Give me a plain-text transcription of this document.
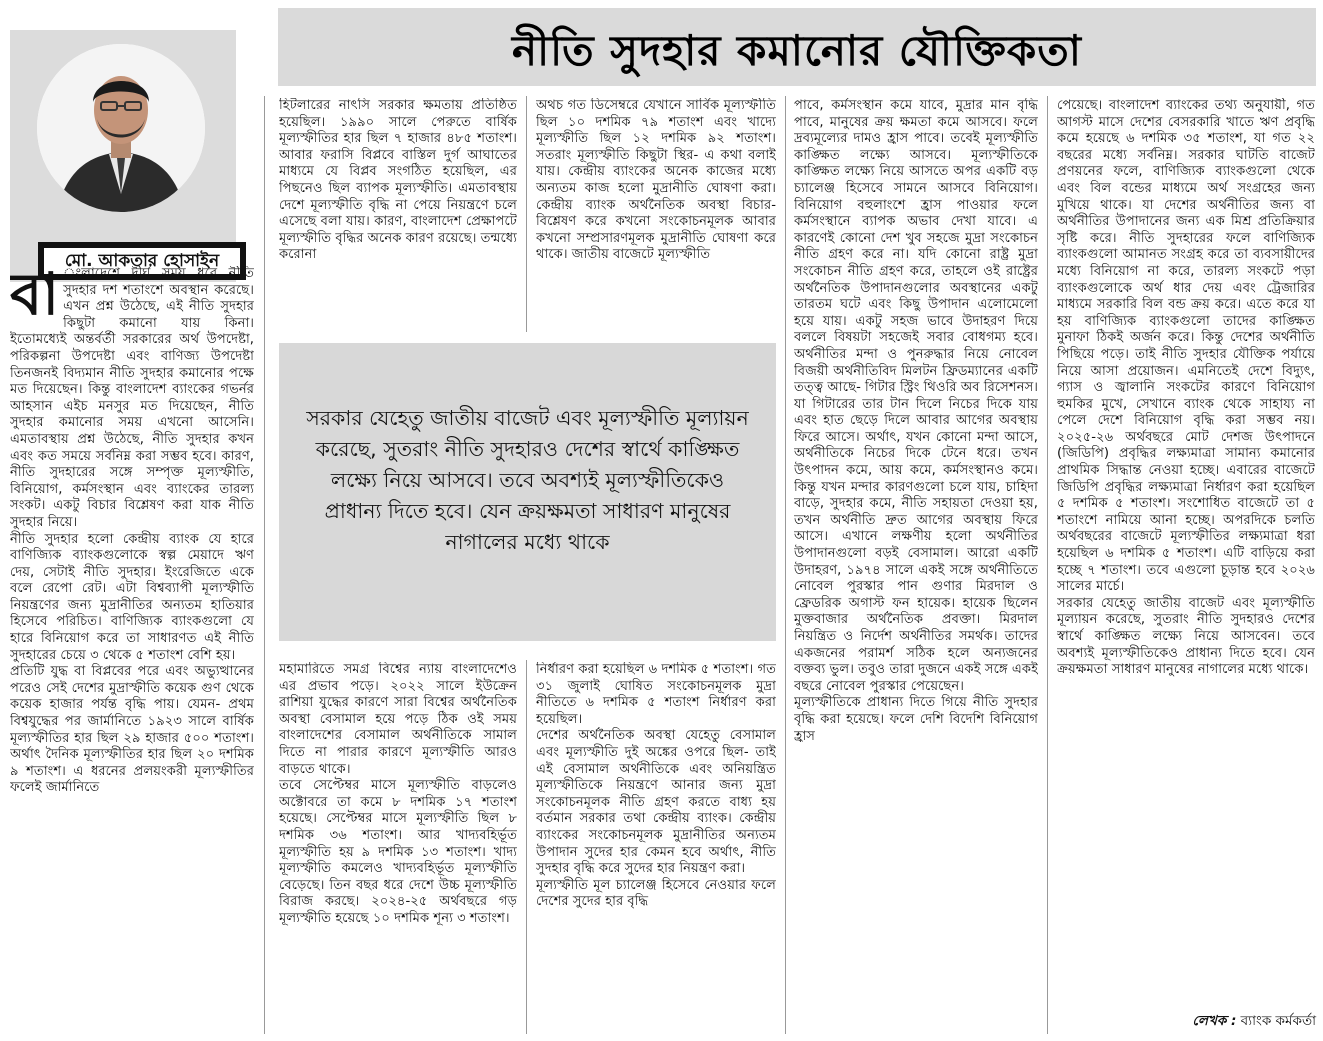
নীতি সুদহার কমানোর যৌক্তিকতা
মো. আকতার হোসাইন

বা ংলাদেশে দীর্ঘ সময় ধরে নীতি সুদহার দশ শতাংশে অবস্থান করেছে। এখন প্রশ্ন উঠেছে, এই নীতি সুদহার কিছুটা কমানো যায় কিনা। ইতোমধ্যেই অন্তর্বর্তী সরকারের অর্থ উপদেষ্টা, পরিকল্পনা উপদেষ্টা এবং বাণিজ্য উপদেষ্টা তিনজনই বিদ্যমান নীতি সুদহার কমানোর পক্ষে মত দিয়েছেন। কিন্তু বাংলাদেশ ব্যাংকের গভর্নর আহসান এইচ মনসুর মত দিয়েছেন, নীতি সুদহার কমানোর সময় এখনো আসেনি। এমতাবস্থায় প্রশ্ন উঠেছে, নীতি সুদহার কখন এবং কত সময়ে সর্বনিম্ন করা সম্ভব হবে। কারণ, নীতি সুদহারের সঙ্গে সম্পৃক্ত মূল্যস্ফীতি, বিনিয়োগ, কর্মসংস্থান এবং ব্যাংকের তারল্য সংকট। একটু বিচার বিশ্লেষণ করা যাক নীতি সুদহার নিয়ে।

নীতি সুদহার হলো কেন্দ্রীয় ব্যাংক যে হারে বাণিজ্যিক ব্যাংকগুলোকে স্বল্প মেয়াদে ঋণ দেয়, সেটাই নীতি সুদহার। ইংরেজিতে একে বলে রেপো রেট। এটা বিশ্বব্যাপী মূল্যস্ফীতি নিয়ন্ত্রণের জন্য মুদ্রানীতির অন্যতম হাতিয়ার হিসেবে পরিচিত। বাণিজ্যিক ব্যাংকগুলো যে হারে বিনিয়োগ করে তা সাধারণত এই নীতি সুদহারের চেয়ে ৩ থেকে ৫ শতাংশ বেশি হয়।

প্রতিটি যুদ্ধ বা বিপ্লবের পরে এবং অভ্যুত্থানের পরেও সেই দেশের মুদ্রাস্ফীতি কয়েক গুণ থেকে কয়েক হাজার পর্যন্ত বৃদ্ধি পায়। যেমন- প্রথম বিশ্বযুদ্ধের পর জার্মানিতে ১৯২৩ সালে বার্ষিক মূল্যস্ফীতির হার ছিল ২৯ হাজার ৫০০ শতাংশ। অর্থাৎ দৈনিক মূল্যস্ফীতির হার ছিল ২০ দশমিক ৯ শতাংশ। এ ধরনের প্রলয়ংকরী মূল্যস্ফীতির ফলেই জার্মানিতে

হিটলারের নাৎসি সরকার ক্ষমতায় প্রতিষ্ঠিত হয়েছিল। ১৯৯০ সালে পেরুতে বার্ষিক মূল্যস্ফীতির হার ছিল ৭ হাজার ৪৮৫ শতাংশ। আবার ফরাসি বিপ্লবে বাস্তিল দুর্গ আঘাতের মাধ্যমে যে বিপ্লব সংগঠিত হয়েছিল, এর পিছনেও ছিল ব্যাপক মূল্যস্ফীতি। এমতাবস্থায় দেশে মূল্যস্ফীতি বৃদ্ধি না পেয়ে নিয়ন্ত্রণে চলে এসেছে বলা যায়। কারণ, বাংলাদেশ প্রেক্ষাপটে মূল্যস্ফীতি বৃদ্ধির অনেক কারণ রয়েছে। তন্মধ্যে করোনা

অথচ গত ডিসেম্বরে যেখানে সার্বিক মূল্যস্ফীতি ছিল ১০ দশমিক ৭৯ শতাংশ এবং খাদ্যে মূল্যস্ফীতি ছিল ১২ দশমিক ৯২ শতাংশ। সতরাং মূল্যস্ফীতি কিছুটা স্থির- এ কথা বলাই যায়। কেন্দ্রীয় ব্যাংকের অনেক কাজের মধ্যে অন্যতম কাজ হলো মুদ্রানীতি ঘোষণা করা। কেন্দ্রীয় ব্যাংক অর্থনৈতিক অবস্থা বিচার-বিশ্লেষণ করে কখনো সংকোচনমূলক আবার কখনো সম্প্রসারণমূলক মুদ্রানীতি ঘোষণা করে থাকে। জাতীয় বাজেটে মূল্যস্ফীতি

সরকার যেহেতু জাতীয় বাজেট এবং মূল্যস্ফীতি মূল্যায়ন করেছে, সুতরাং নীতি সুদহারও দেশের স্বার্থে কাঙ্ক্ষিত লক্ষ্যে নিয়ে আসবে। তবে অবশ্যই মূল্যস্ফীতিকেও প্রাধান্য দিতে হবে। যেন ক্রয়ক্ষমতা সাধারণ মানুষের নাগালের মধ্যে থাকে

মহামারিতে সমগ্র বিশ্বের ন্যায় বাংলাদেশেও এর প্রভাব পড়ে। ২০২২ সালে ইউক্রেন রাশিয়া যুদ্ধের কারণে সারা বিশ্বের অর্থনৈতিক অবস্থা বেসামাল হয়ে পড়ে ঠিক ওই সময় বাংলাদেশের বেসামাল অর্থনীতিকে সামাল দিতে না পারার কারণে মূল্যস্ফীতি আরও বাড়তে থাকে।

তবে সেপ্টেম্বর মাসে মূল্যস্ফীতি বাড়লেও অক্টোবরে তা কমে ৮ দশমিক ১৭ শতাংশ হয়েছে। সেপ্টেম্বর মাসে মূল্যস্ফীতি ছিল ৮ দশমিক ৩৬ শতাংশ। আর খাদ্যবহির্ভূত মূল্যস্ফীতি হয় ৯ দশমিক ১৩ শতাংশ। খাদ্য মূল্যস্ফীতি কমলেও খাদ্যবহির্ভূত মূল্যস্ফীতি বেড়েছে। তিন বছর ধরে দেশে উচ্চ মূল্যস্ফীতি বিরাজ করছে। ২০২৪-২৫ অর্থবছরে গড় মূল্যস্ফীতি হয়েছে ১০ দশমিক শূন্য ৩ শতাংশ।

নির্ধারণ করা হয়েছিল ৬ দশমিক ৫ শতাংশ। গত ৩১ জুলাই ঘোষিত সংকোচনমূলক মুদ্রা নীতিতে ৬ দশমিক ৫ শতাংশ নির্ধারণ করা হয়েছিল।

দেশের অর্থনৈতিক অবস্থা যেহেতু বেসামাল এবং মূল্যস্ফীতি দুই অঙ্কের ওপরে ছিল- তাই এই বেসামাল অর্থনীতিকে এবং অনিয়ন্ত্রিত মূল্যস্ফীতিকে নিয়ন্ত্রণে আনার জন্য মুদ্রা সংকোচনমূলক নীতি গ্রহণ করতে বাধ্য হয় বর্তমান সরকার তথা কেন্দ্রীয় ব্যাংক। কেন্দ্রীয় ব্যাংকের সংকোচনমূলক মুদ্রানীতির অন্যতম উপাদান সুদের হার কেমন হবে অর্থাৎ, নীতি সুদহার বৃদ্ধি করে সুদের হার নিয়ন্ত্রণ করা।

মূল্যস্ফীতি মূল চ্যালেঞ্জ হিসেবে নেওয়ার ফলে দেশের সুদের হার বৃদ্ধি

পাবে, কর্মসংস্থান কমে যাবে, মুদ্রার মান বৃদ্ধি পাবে, মানুষের ক্রয় ক্ষমতা কমে আসবে। ফলে দ্রব্যমূল্যের দামও হ্রাস পাবে। তবেই মূল্যস্ফীতি কাঙ্ক্ষিত লক্ষ্যে আসবে। মূল্যস্ফীতিকে কাঙ্ক্ষিত লক্ষ্যে নিয়ে আসতে অপর একটি বড় চ্যালেঞ্জ হিসেবে সামনে আসবে বিনিয়োগ। বিনিয়োগ বহুলাংশে হ্রাস পাওয়ার ফলে কর্মসংস্থানে ব্যাপক অভাব দেখা যাবে। এ কারণেই কোনো দেশ খুব সহজে মুদ্রা সংকোচন নীতি গ্রহণ করে না। যদি কোনো রাষ্ট্র মুদ্রা সংকোচন নীতি গ্রহণ করে, তাহলে ওই রাষ্ট্রের অর্থনৈতিক উপাদানগুলোর অবস্থানের একটু তারতম ঘটে এবং কিছু উপাদান এলোমেলো হয়ে যায়। একটু সহজ ভাবে উদাহরণ দিয়ে বললে বিষয়টা সহজেই সবার বোধগম্য হবে। অর্থনীতির মন্দা ও পুনরুদ্ধার নিয়ে নোবেল বিজয়ী অর্থনীতিবিদ মিলটন ফ্রিডম্যানের একটি তত্ত্ব আছে- গিটার স্ট্রিং থিওরি অব রিসেশনস। যা গিটারের তার টান দিলে নিচের দিকে যায় এবং হাত ছেড়ে দিলে আবার আগের অবস্থায় ফিরে আসে। অর্থাৎ, যখন কোনো মন্দা আসে, অর্থনীতিকে নিচের দিকে টেনে ধরে। তখন উৎপাদন কমে, আয় কমে, কর্মসংস্থানও কমে। কিন্তু যখন মন্দার কারণগুলো চলে যায়, চাহিদা বাড়ে, সুদহার কমে, নীতি সহায়তা দেওয়া হয়, তখন অর্থনীতি দ্রুত আগের অবস্থায় ফিরে আসে। এখানে লক্ষণীয় হলো অর্থনীতির উপাদানগুলো বড়ই বেসামাল। আরো একটি উদাহরণ, ১৯৭৪ সালে একই সঙ্গে অর্থনীতিতে নোবেল পুরস্কার পান গুণার মিরদাল ও ফ্রেডরিক অগাস্ট ফন হায়েক। হায়েক ছিলেন মুক্তবাজার অর্থনৈতিক প্রবক্তা। মিরদাল নিয়ন্ত্রিত ও নির্দেশ অর্থনীতির সমর্থক। তাদের একজনের পরামর্শ সঠিক হলে অন্যজনের বক্তব্য ভুল। তবুও তারা দুজনে একই সঙ্গে একই বছরে নোবেল পুরস্কার পেয়েছেন।

মূল্যস্ফীতিকে প্রাধান্য দিতে গিয়ে নীতি সুদহার বৃদ্ধি করা হয়েছে। ফলে দেশি বিদেশি বিনিয়োগ হ্রাস

পেয়েছে। বাংলাদেশ ব্যাংকের তথ্য অনুযায়ী, গত আগস্ট মাসে দেশের বেসরকারি খাতে ঋণ প্রবৃদ্ধি কমে হয়েছে ৬ দশমিক ৩৫ শতাংশ, যা গত ২২ বছরের মধ্যে সর্বনিম্ন। সরকার ঘাটতি বাজেট প্রণয়নের ফলে, বাণিজ্যিক ব্যাংকগুলো থেকে এবং বিল বন্ডের মাধ্যমে অর্থ সংগ্রহের জন্য মুখিয়ে থাকে। যা দেশের অর্থনীতির জন্য বা অর্থনীতির উপাদানের জন্য এক মিশ্র প্রতিক্রিয়ার সৃষ্টি করে। নীতি সুদহারের ফলে বাণিজ্যিক ব্যাংকগুলো আমানত সংগ্রহ করে তা ব্যবসায়ীদের মধ্যে বিনিয়োগ না করে, তারল্য সংকটে পড়া ব্যাংকগুলোকে অর্থ ধার দেয় এবং ট্রেজারির মাধ্যমে সরকারি বিল বন্ড ক্রয় করে। এতে করে যা হয় বাণিজ্যিক ব্যাংকগুলো তাদের কাঙ্ক্ষিত মুনাফা ঠিকই অর্জন করে। কিন্তু দেশের অর্থনীতি পিছিয়ে পড়ে। তাই নীতি সুদহার যৌক্তিক পর্যায়ে নিয়ে আসা প্রয়োজন। এমনিতেই দেশে বিদ্যুৎ, গ্যাস ও জ্বালানি সংকটের কারণে বিনিয়োগ হুমকির মুখে, সেখানে ব্যাংক থেকে সাহায্য না পেলে দেশে বিনিয়োগ বৃদ্ধি করা সম্ভব নয়। ২০২৫-২৬ অর্থবছরে মোট দেশজ উৎপাদনে (জিডিপি) প্রবৃদ্ধির লক্ষ্যমাত্রা সামান্য কমানোর প্রাথমিক সিদ্ধান্ত নেওয়া হচ্ছে। এবারের বাজেটে জিডিপি প্রবৃদ্ধির লক্ষ্যমাত্রা নির্ধারণ করা হয়েছিল ৫ দশমিক ৫ শতাংশ। সংশোধিত বাজেটে তা ৫ শতাংশে নামিয়ে আনা হচ্ছে। অপরদিকে চলতি অর্থবছরের বাজেটে মূল্যস্ফীতির লক্ষ্যমাত্রা ধরা হয়েছিল ৬ দশমিক ৫ শতাংশ। এটি বাড়িয়ে করা হচ্ছে ৭ শতাংশ। তবে এগুলো চূড়ান্ত হবে ২০২৬ সালের মার্চে।

সরকার যেহেতু জাতীয় বাজেট এবং মূল্যস্ফীতি মূল্যায়ন করেছে, সুতরাং নীতি সুদহারও দেশের স্বার্থে কাঙ্ক্ষিত লক্ষ্যে নিয়ে আসবেন। তবে অবশ্যই মূল্যস্ফীতিকেও প্রাধান্য দিতে হবে। যেন ক্রয়ক্ষমতা সাধারণ মানুষের নাগালের মধ্যে থাকে।

লেখক : ব্যাংক কর্মকর্তা
